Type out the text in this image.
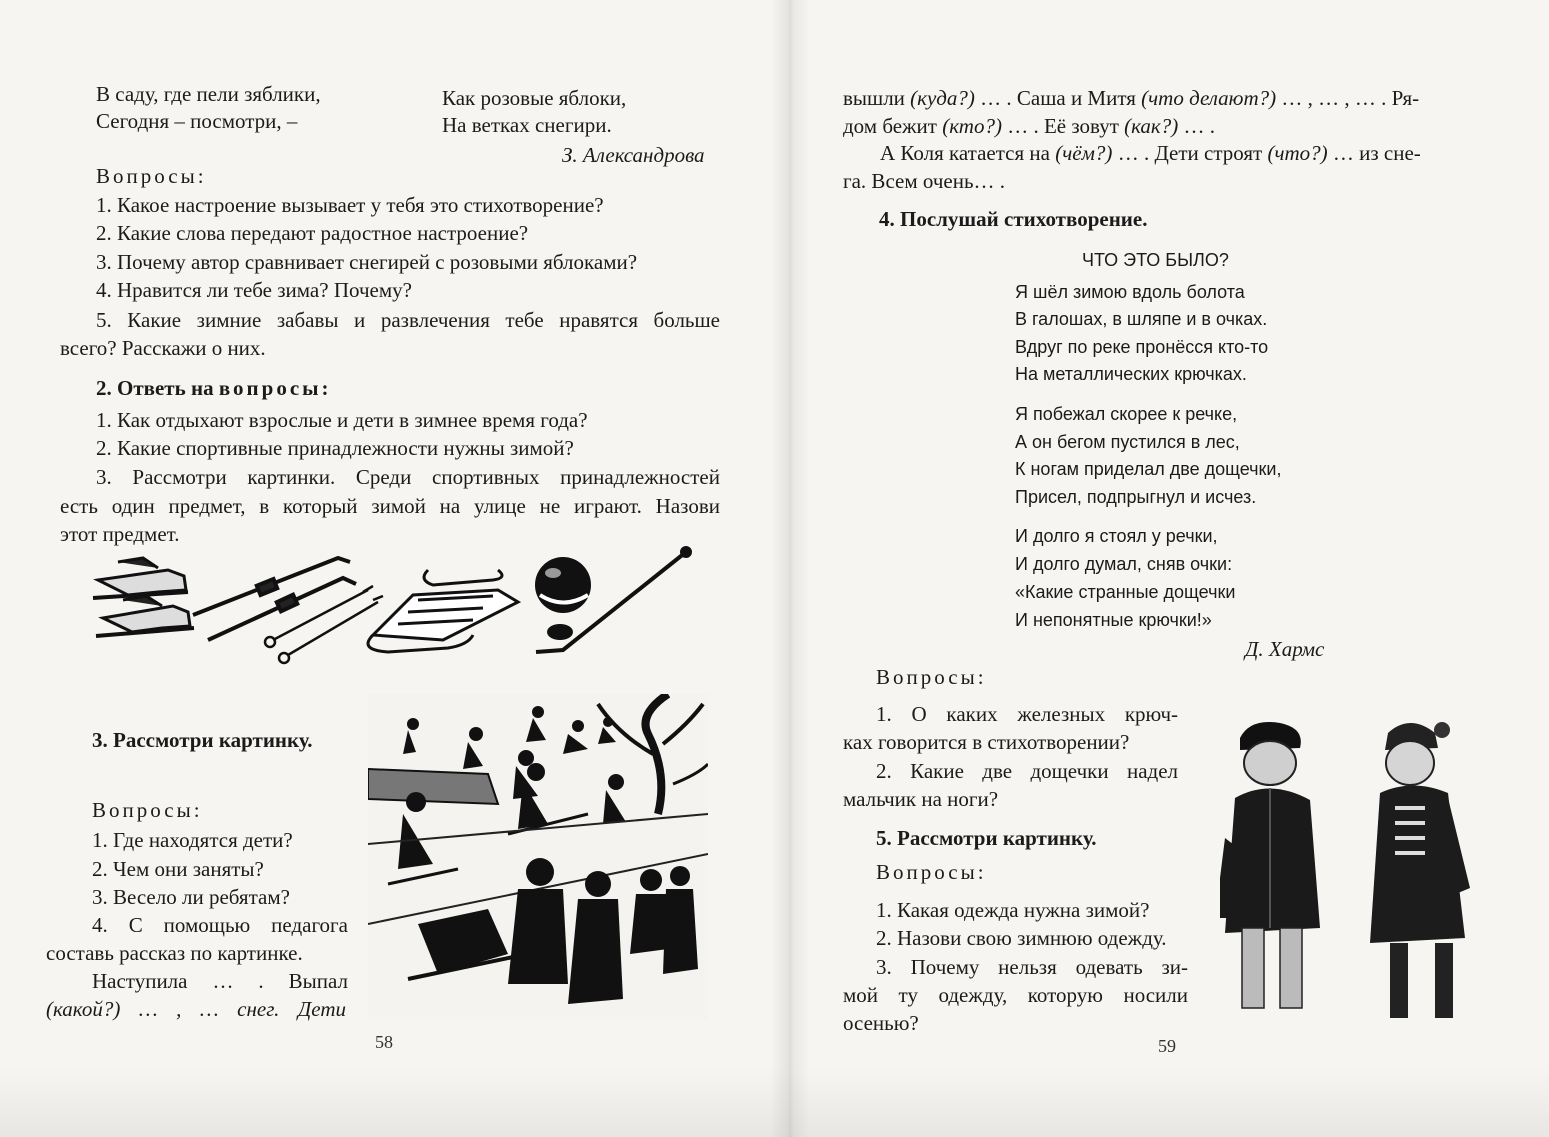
В саду, где пели зяблики,
Сегодня – посмотри, –
Как розовые яблоки,
На ветках снегири.
З. Александрова
Вопросы:
1. Какое настроение вызывает у тебя это стихотворение?
2. Какие слова передают радостное настроение?
3. Почему автор сравнивает снегирей с розовыми яблоками?
4. Нравится ли тебе зима? Почему?
5. Какие зимние забавы и развлечения тебе нравятся больше
всего? Расскажи о них.
2. Ответь на вопросы:
1. Как отдыхают взрослые и дети в зимнее время года?
2. Какие спортивные принадлежности нужны зимой?
3. Рассмотри картинки. Среди спортивных принадлежностей
есть один предмет, в который зимой на улице не играют. Назови
этот предмет.
3. Рассмотри картинку.
Вопросы:
1. Где находятся дети?
2. Чем они заняты?
3. Весело ли ребятам?
4. С помощью педагога
составь рассказ по картинке.
Наступила … . Выпал
(какой?) … , … снег. Дети
58
вышли (куда?) … . Саша и Митя (что делают?) … , … , … . Ря-
дом бежит (кто?) … . Её зовут (как?) … .
А Коля катается на (чём?) … . Дети строят (что?) … из сне-
га. Всем очень… .
4. Послушай стихотворение.
ЧТО ЭТО БЫЛО?
Я шёл зимою вдоль болота
В галошах, в шляпе и в очках.
Вдруг по реке пронёсся кто-то
На металлических крючках.
Я побежал скорее к речке,
А он бегом пустился в лес,
К ногам приделал две дощечки,
Присел, подпрыгнул и исчез.
И долго я стоял у речки,
И долго думал, сняв очки:
«Какие странные дощечки
И непонятные крючки!»
Д. Хармс
Вопросы:
1. О каких железных крюч-
ках говорится в стихотворении?
2. Какие две дощечки надел
мальчик на ноги?
5. Рассмотри картинку.
Вопросы:
1. Какая одежда нужна зимой?
2. Назови свою зимнюю одежду.
3. Почему нельзя одевать зи-
мой ту одежду, которую носили
осенью?
59
